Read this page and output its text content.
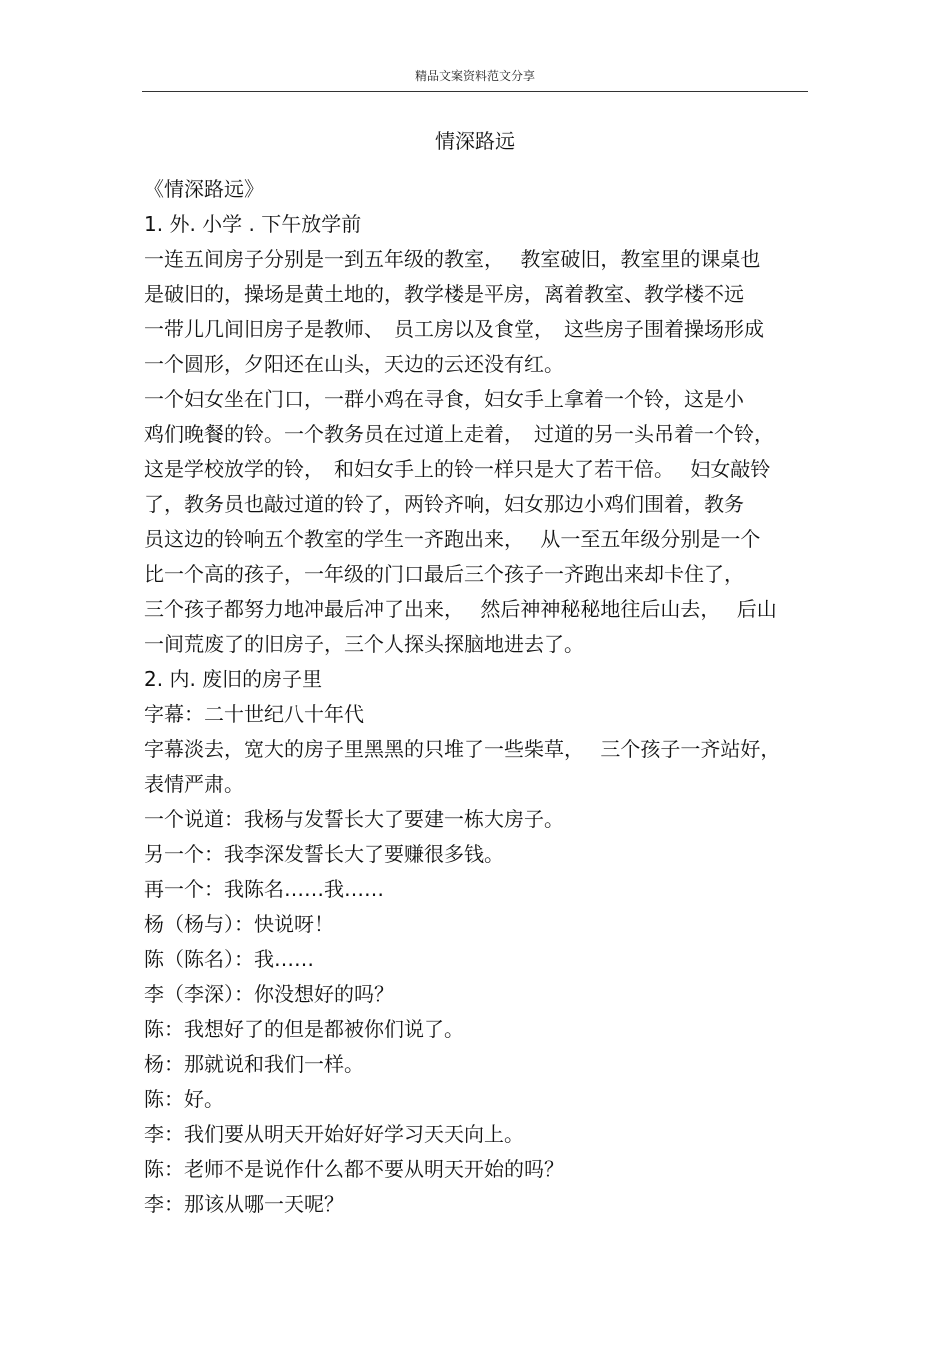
精品文案资料范文分享
情深路远
《情深路远》
1. 外. 小学 . 下午放学前
一连五间房子分别是一到五年级的教室，　 教室破旧，教室里的课桌也
是破旧的，操场是黄土地的，教学楼是平房，离着教室、教学楼不远
一带儿几间旧房子是教师、　员工房以及食堂，　这些房子围着操场形成
一个圆形，夕阳还在山头，天边的云还没有红。
一个妇女坐在门口，一群小鸡在寻食，妇女手上拿着一个铃，这是小
鸡们晚餐的铃。一个教务员在过道上走着，　过道的另一头吊着一个铃，
这是学校放学的铃，　和妇女手上的铃一样只是大了若干倍。　 妇女敲铃
了，教务员也敲过道的铃了，两铃齐响，妇女那边小鸡们围着，教务
员这边的铃响五个教室的学生一齐跑出来，　 从一至五年级分别是一个
比一个高的孩子，一年级的门口最后三个孩子一齐跑出来却卡住了，
三个孩子都努力地冲最后冲了出来，　 然后神神秘秘地往后山去，　 后山
一间荒废了的旧房子，三个人探头探脑地进去了。
2. 内. 废旧的房子里
字幕：二十世纪八十年代
字幕淡去，宽大的房子里黑黑的只堆了一些柴草，　 三个孩子一齐站好，
表情严肃。
一个说道：我杨与发誓长大了要建一栋大房子。
另一个：我李深发誓长大了要赚很多钱。
再一个：我陈名……我……
杨（杨与）：快说呀！
陈（陈名）：我……
李（李深）：你没想好的吗？
陈：我想好了的但是都被你们说了。
杨：那就说和我们一样。
陈：好。
李：我们要从明天开始好好学习天天向上。
陈：老师不是说作什么都不要从明天开始的吗？
李：那该从哪一天呢？
